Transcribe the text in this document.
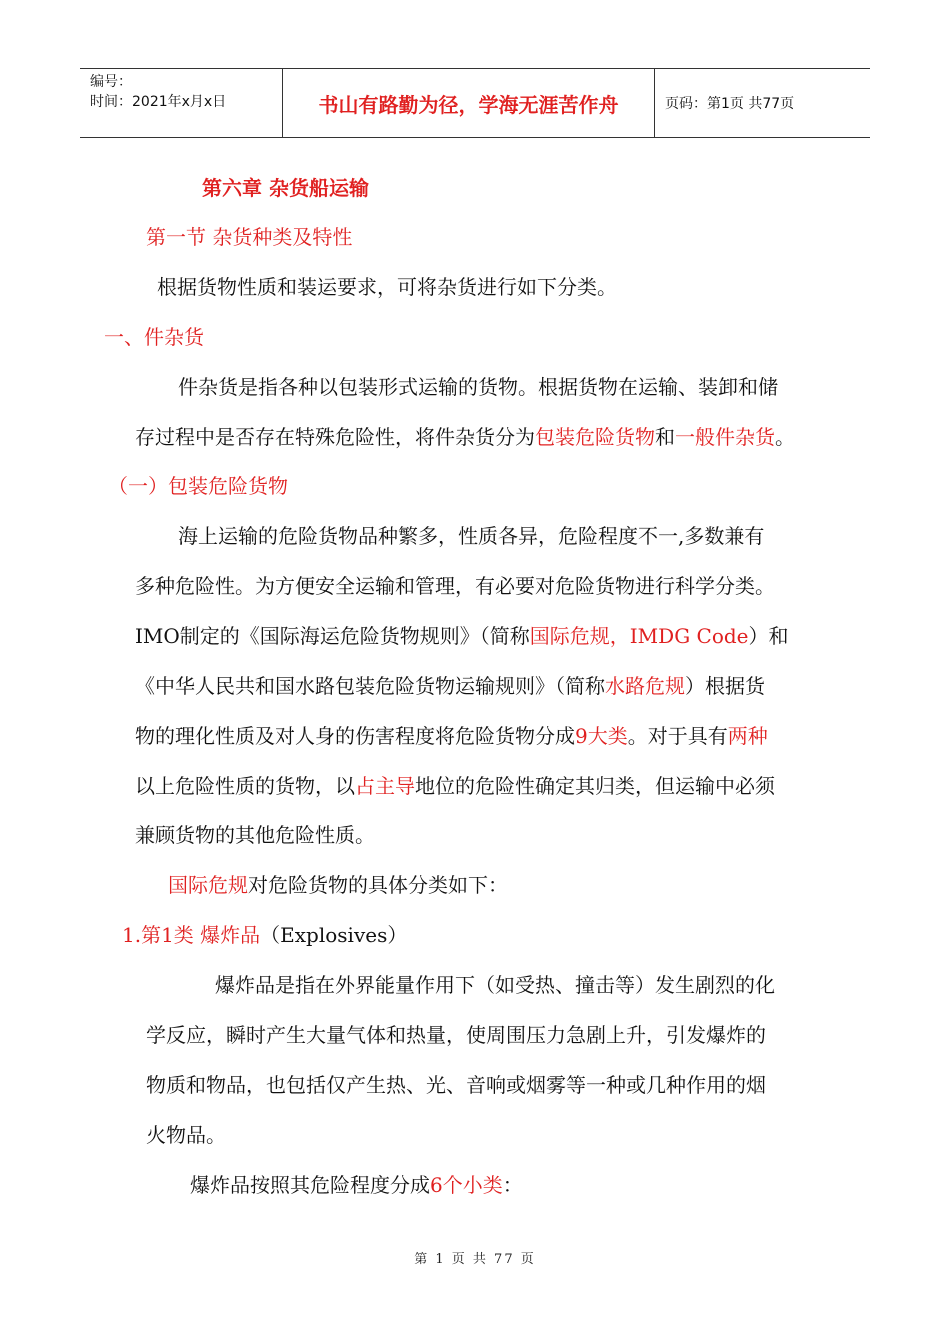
编号：
时间：2021年x月x日	书山有路勤为径，学海无涯苦作舟	页码：第1页 共77页
第六章 杂货船运输
第一节 杂货种类及特性
根据货物性质和装运要求，可将杂货进行如下分类。
一、件杂货
件杂货是指各种以包装形式运输的货物。根据货物在运输、装卸和储
存过程中是否存在特殊危险性，将件杂货分为包装危险货物和一般件杂货。
（一）包装危险货物
海上运输的危险货物品种繁多，性质各异，危险程度不一,多数兼有
多种危险性。为方便安全运输和管理，有必要对危险货物进行科学分类。
IMO制定的《国际海运危险货物规则》（简称国际危规，IMDG Code）和
《中华人民共和国水路包装危险货物运输规则》（简称水路危规）根据货
物的理化性质及对人身的伤害程度将危险货物分成9大类。对于具有两种
以上危险性质的货物，以占主导地位的危险性确定其归类，但运输中必须
兼顾货物的其他危险性质。
国际危规对危险货物的具体分类如下：
1.第1类 爆炸品（Explosives）
爆炸品是指在外界能量作用下（如受热、撞击等）发生剧烈的化
学反应，瞬时产生大量气体和热量，使周围压力急剧上升，引发爆炸的
物质和物品，也包括仅产生热、光、音响或烟雾等一种或几种作用的烟
火物品。
爆炸品按照其危险程度分成6个小类：
第 1 页 共 77 页
